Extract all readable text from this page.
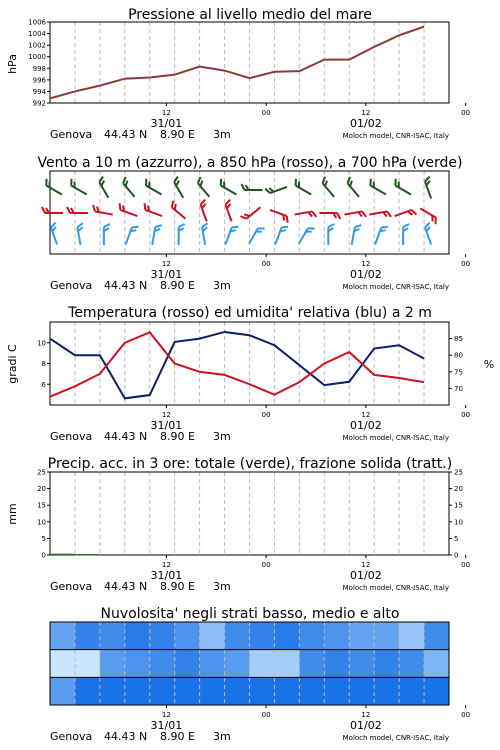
Pressione al livello medio del mare
hPa
12	00	12	00
31/01	01/02
Genova 44.43 N 8.90 E 3m	Moloch model, CNR-ISAC, Italy
992
994
996
998
1000
1002
1004
1006
Vento a 10 m (azzurro), a 850 hPa (rosso), a 700 hPa (verde)
12	00	12	00
31/01	01/02
Genova 44.43 N 8.90 E 3m	Moloch model, CNR-ISAC, Italy
Temperatura (rosso) ed umidita' relativa (blu) a 2 m
gradi C	%
12	00	12	00
31/01	01/02
Genova 44.43 N 8.90 E 3m	Moloch model, CNR-ISAC, Italy
6
8
10
70
75
80
85
Precip. acc. in 3 ore: totale (verde), frazione solida (tratt.)
mm
12	00	12	00
31/01	01/02
Genova 44.43 N 8.90 E 3m	Moloch model, CNR-ISAC, Italy
0	0
5	5
10	10
15	15
20	20
25	25
Nuvolosita' negli strati basso, medio e alto
12	00	12	00
31/01	01/02
Genova 44.43 N 8.90 E 3m	Moloch model, CNR-ISAC, Italy
